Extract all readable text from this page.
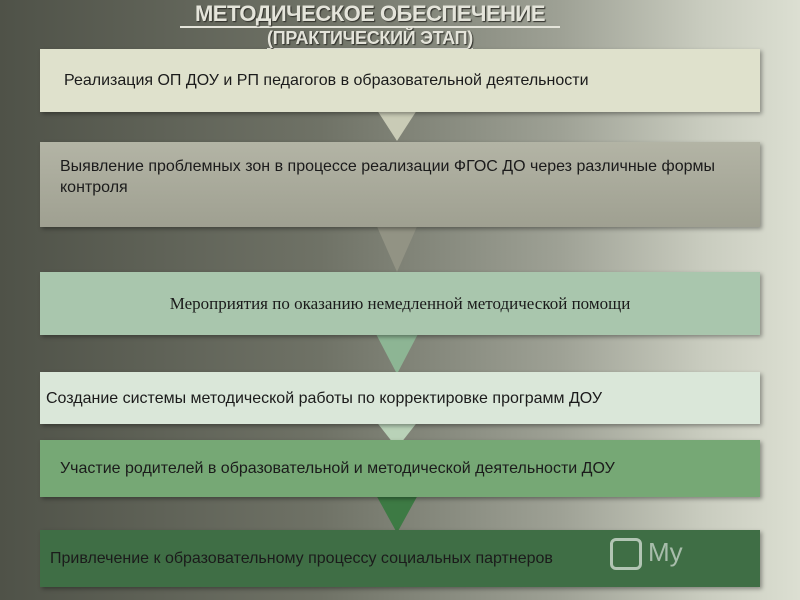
МЕТОДИЧЕСКОЕ ОБЕСПЕЧЕНИЕ
(ПРАКТИЧЕСКИЙ ЭТАП)
Реализация ОП ДОУ и РП педагогов в образовательной деятельности
Выявление проблемных зон в процессе реализации ФГОС ДО через различные формы контроля
Мероприятия по оказанию немедленной методической помощи
Создание системы методической работы по корректировке программ ДОУ
Участие родителей в образовательной и методической деятельности ДОУ
Привлечение к образовательному процессу социальных партнеров	My
